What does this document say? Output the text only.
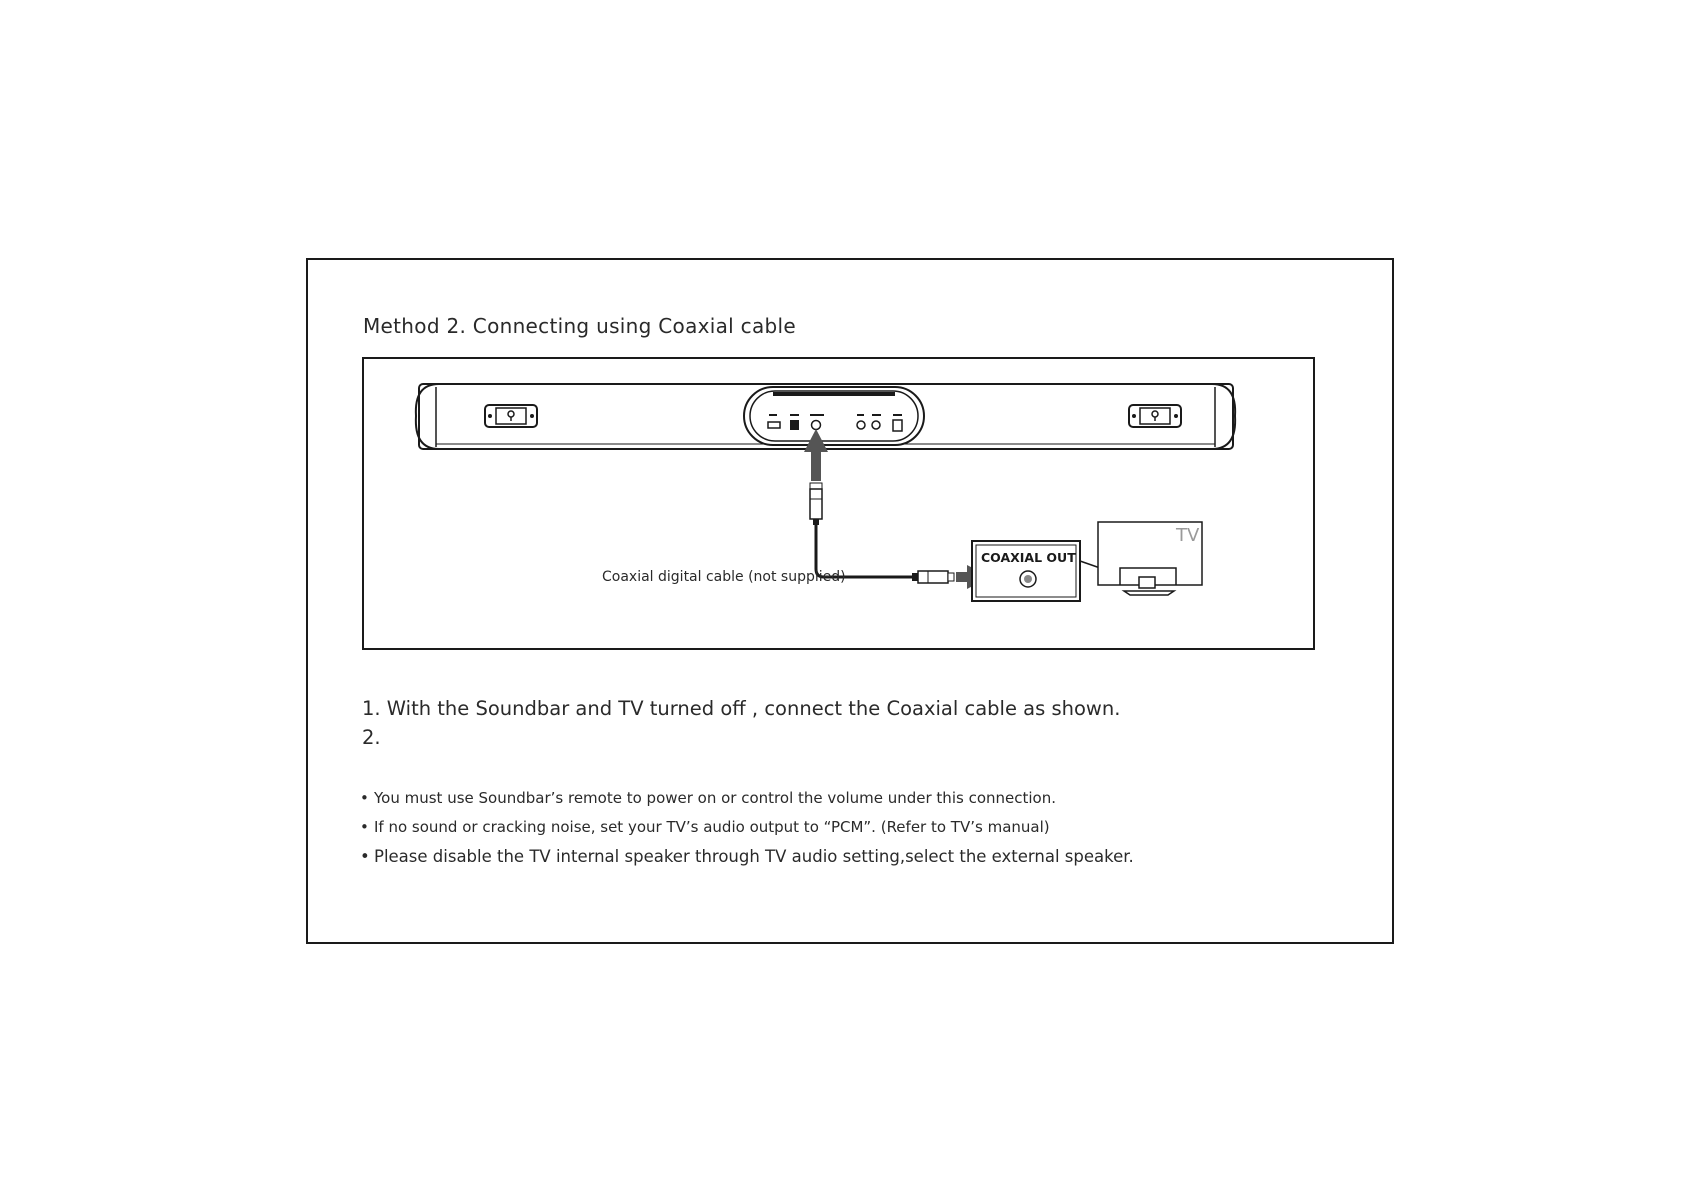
Method 2. Connecting using Coaxial cable
Coaxial digital cable (not supplied)
COAXIAL OUT
TV
1. With the Soundbar and TV turned off , connect the Coaxial cable as shown.
2.
• You must use Soundbar’s remote to power on or control the volume under this connection.
• If no sound or cracking noise, set your TV’s audio output to “PCM”. (Refer to TV’s manual)
• Please disable the TV internal speaker through TV audio setting,select the external speaker.
